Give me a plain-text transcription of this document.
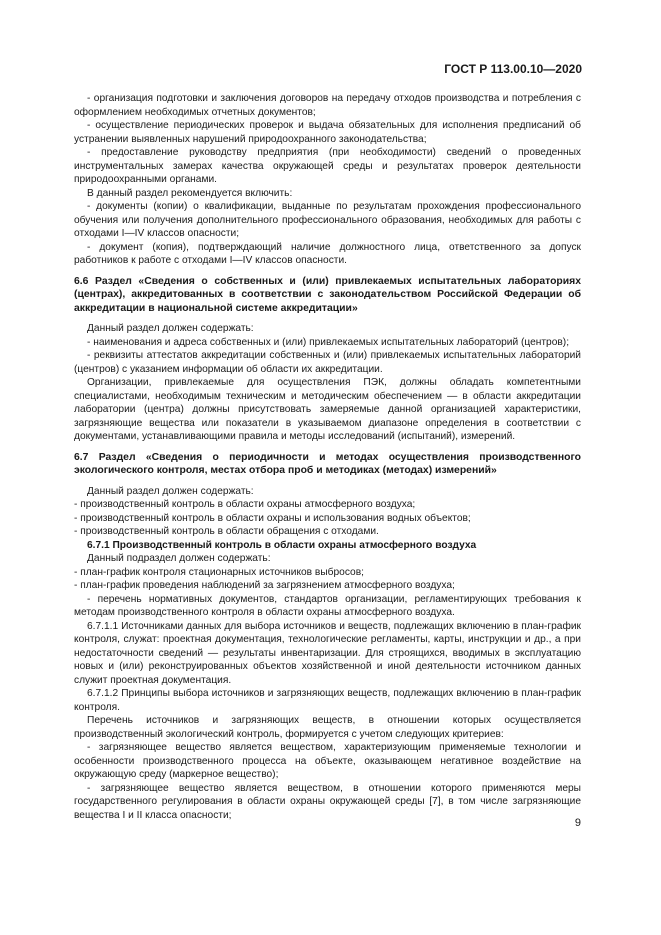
ГОСТ Р 113.00.10—2020

- организация подготовки и заключения договоров на передачу отходов производства и потребления с оформлением необходимых отчетных документов;

- осуществление периодических проверок и выдача обязательных для исполнения предписаний об устранении выявленных нарушений природоохранного законодательства;

- предоставление руководству предприятия (при необходимости) сведений о проведенных инструментальных замерах качества окружающей среды и результатах проверок деятельности природоохранными органами.

В данный раздел рекомендуется включить:

- документы (копии) о квалификации, выданные по результатам прохождения профессионального обучения или получения дополнительного профессионального образования, необходимых для работы с отходами I—IV классов опасности;

- документ (копия), подтверждающий наличие должностного лица, ответственного за допуск работников к работе с отходами I—IV классов опасности.

6.6 Раздел «Сведения о собственных и (или) привлекаемых испытательных лабораториях (центрах), аккредитованных в соответствии с законодательством Российской Федерации об аккредитации в национальной системе аккредитации»

Данный раздел должен содержать:

- наименования и адреса собственных и (или) привлекаемых испытательных лабораторий (центров);

- реквизиты аттестатов аккредитации собственных и (или) привлекаемых испытательных лабораторий (центров) с указанием информации об области их аккредитации.

Организации, привлекаемые для осуществления ПЭК, должны обладать компетентными специалистами, необходимым техническим и методическим обеспечением — в области аккредитации лаборатории (центра) должны присутствовать замеряемые данной организацией характеристики, загрязняющие вещества или показатели в указываемом диапазоне определения в соответствии с документами, устанавливающими правила и методы исследований (испытаний), измерений.

6.7 Раздел «Сведения о периодичности и методах осуществления производственного экологического контроля, местах отбора проб и методиках (методах) измерений»

Данный раздел должен содержать:

- производственный контроль в области охраны атмосферного воздуха;

- производственный контроль в области охраны и использования водных объектов;

- производственный контроль в области обращения с отходами.

6.7.1 Производственный контроль в области охраны атмосферного воздуха

Данный подраздел должен содержать:

- план-график контроля стационарных источников выбросов;

- план-график проведения наблюдений за загрязнением атмосферного воздуха;

- перечень нормативных документов, стандартов организации, регламентирующих требования к методам производственного контроля в области охраны атмосферного воздуха.

6.7.1.1 Источниками данных для выбора источников и веществ, подлежащих включению в план-график контроля, служат: проектная документация, технологические регламенты, карты, инструкции и др., а при недостаточности сведений — результаты инвентаризации. Для строящихся, вводимых в эксплуатацию новых и (или) реконструированных объектов хозяйственной и иной деятельности источником данных служит проектная документация.

6.7.1.2 Принципы выбора источников и загрязняющих веществ, подлежащих включению в план-график контроля.

Перечень источников и загрязняющих веществ, в отношении которых осуществляется производственный экологический контроль, формируется с учетом следующих критериев:

- загрязняющее вещество является веществом, характеризующим применяемые технологии и особенности производственного процесса на объекте, оказывающем негативное воздействие на окружающую среду (маркерное вещество);

- загрязняющее вещество является веществом, в отношении которого применяются меры государственного регулирования в области охраны окружающей среды [7], в том числе загрязняющие вещества I и II класса опасности;

9
